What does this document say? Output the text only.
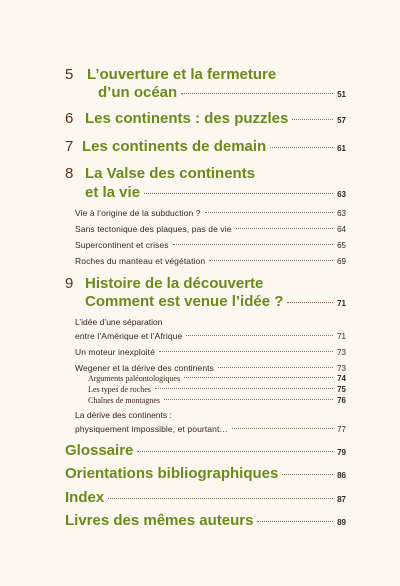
5 L’ouverture et la fermeture
d’un océan	51
6 Les continents : des puzzles	57
7 Les continents de demain	61
8 La Valse des continents
et la vie	63
Vie à l’origine de la subduction ?	63
Sans tectonique des plaques, pas de vie	64
Supercontinent et crises	65
Roches du manteau et végétation	69
9 Histoire de la découverte
Comment est venue l’idée ?	71
L’idée d’une séparation
entre l’Amérique et l’Afrique	71
Un moteur inexploité	73
Wegener et la dérive des continents	73
Arguments paléontologiques	74
Les types de roches	75
Chaînes de montagnes	76
La dérive des continents :
physiquement impossible, et pourtant…	77
Glossaire	79
Orientations bibliographiques	86
Index	87
Livres des mêmes auteurs	89
